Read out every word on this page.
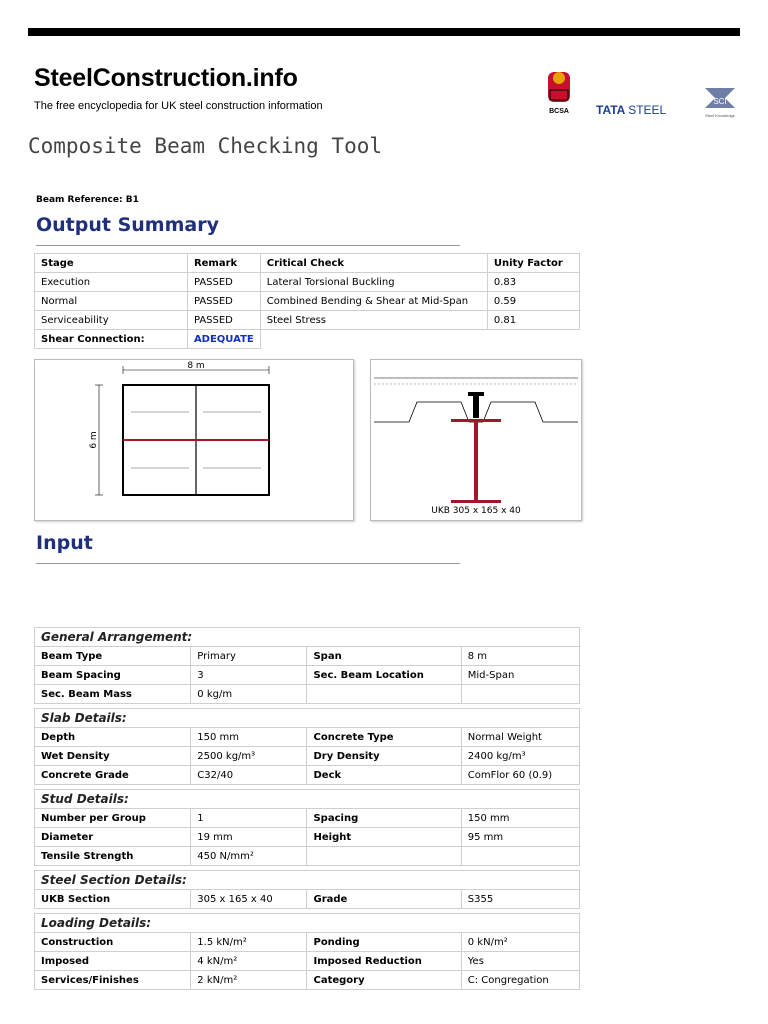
SteelConstruction.info
The free encyclopedia for UK steel construction information	BCSA TATA STEEL
SCI
Steel Knowledge
Composite Beam Checking Tool
Beam Reference: B1
Output Summary
Stage	Remark	Critical Check	Unity Factor
Execution	PASSED	Lateral Torsional Buckling	0.83
Normal	PASSED	Combined Bending & Shear at Mid-Span	0.59
Serviceability	PASSED	Steel Stress	0.81
Shear Connection:	ADEQUATE		
8 m
6 m
UKB 305 x 165 x 40
Input
General Arrangement:			
Beam Type	Primary	Span	8 m
Beam Spacing	3	Sec. Beam Location	Mid-Span
Sec. Beam Mass	0 kg/m		

Slab Details:			
Depth	150 mm	Concrete Type	Normal Weight
Wet Density	2500 kg/m³	Dry Density	2400 kg/m³
Concrete Grade	C32/40	Deck	ComFlor 60 (0.9)

Stud Details:			
Number per Group	1	Spacing	150 mm
Diameter	19 mm	Height	95 mm
Tensile Strength	450 N/mm²		

Steel Section Details:			
UKB Section	305 x 165 x 40	Grade	S355

Loading Details:			
Construction	1.5 kN/m²	Ponding	0 kN/m²
Imposed	4 kN/m²	Imposed Reduction	Yes
Services/Finishes	2 kN/m²	Category	C: Congregation
